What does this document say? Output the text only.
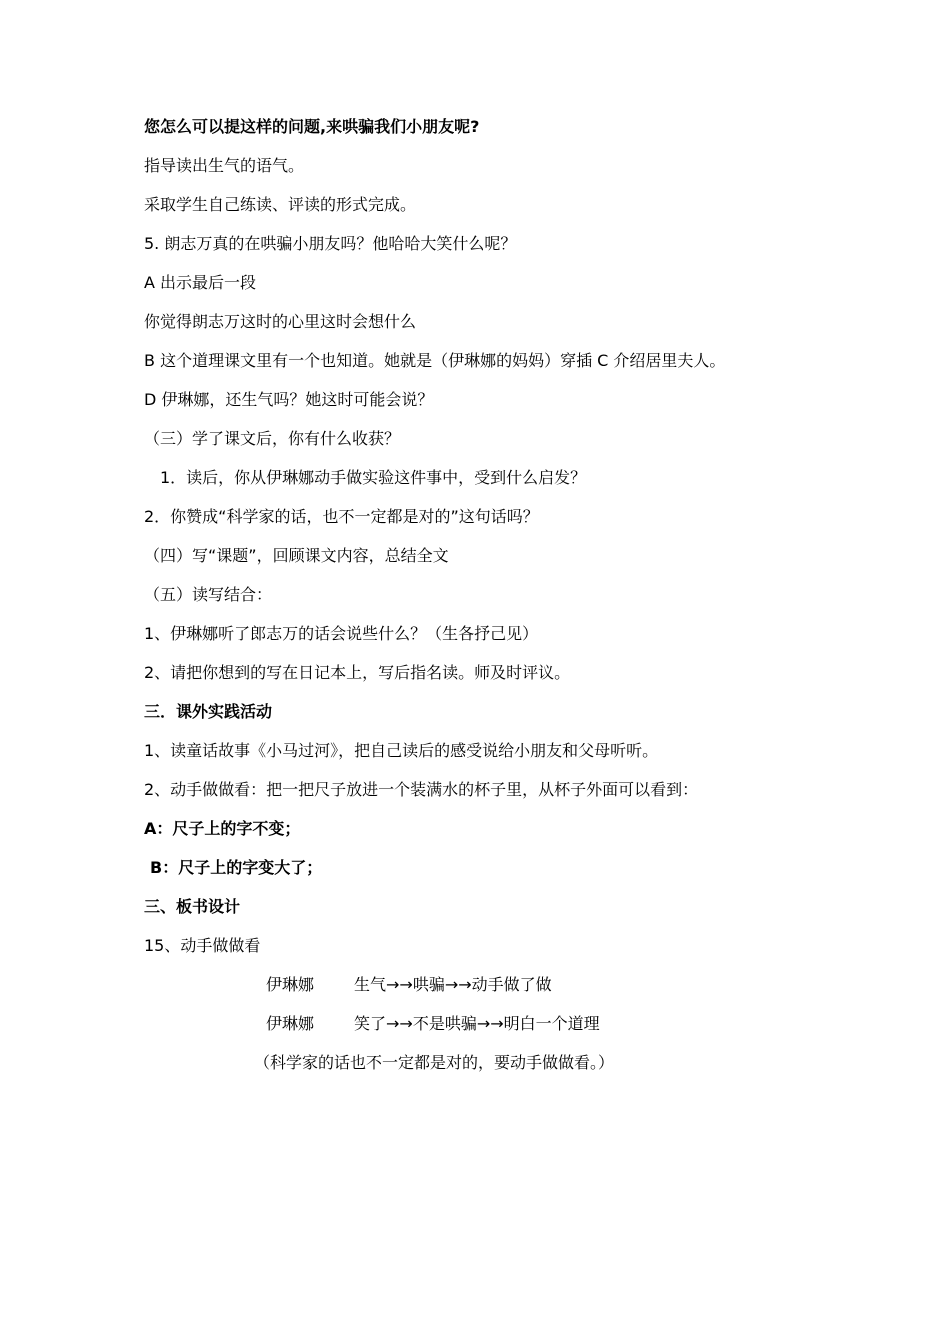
您怎么可以提这样的问题,来哄骗我们小朋友呢?
指导读出生气的语气。
采取学生自己练读、评读的形式完成。
5. 朗志万真的在哄骗小朋友吗？他哈哈大笑什么呢？
A 出示最后一段
你觉得朗志万这时的心里这时会想什么
B 这个道理课文里有一个也知道。她就是（伊琳娜的妈妈）穿插 C 介绍居里夫人。
D 伊琳娜，还生气吗？她这时可能会说？
（三）学了课文后，你有什么收获？
1．读后，你从伊琳娜动手做实验这件事中，受到什么启发？
2．你赞成“科学家的话，也不一定都是对的”这句话吗？
（四）写“课题”，回顾课文内容，总结全文
（五）读写结合：
1、伊琳娜听了郎志万的话会说些什么？（生各抒己见）
2、请把你想到的写在日记本上，写后指名读。师及时评议。
三．课外实践活动
1、读童话故事《小马过河》，把自己读后的感受说给小朋友和父母听听。
2、动手做做看：把一把尺子放进一个装满水的杯子里，从杯子外面可以看到：
A：尺子上的字不变；
B：尺子上的字变大了；
三、板书设计
15、动手做做看
伊琳娜 生气→→哄骗→→动手做了做
伊琳娜 笑了→→不是哄骗→→明白一个道理
（科学家的话也不一定都是对的，要动手做做看。）
